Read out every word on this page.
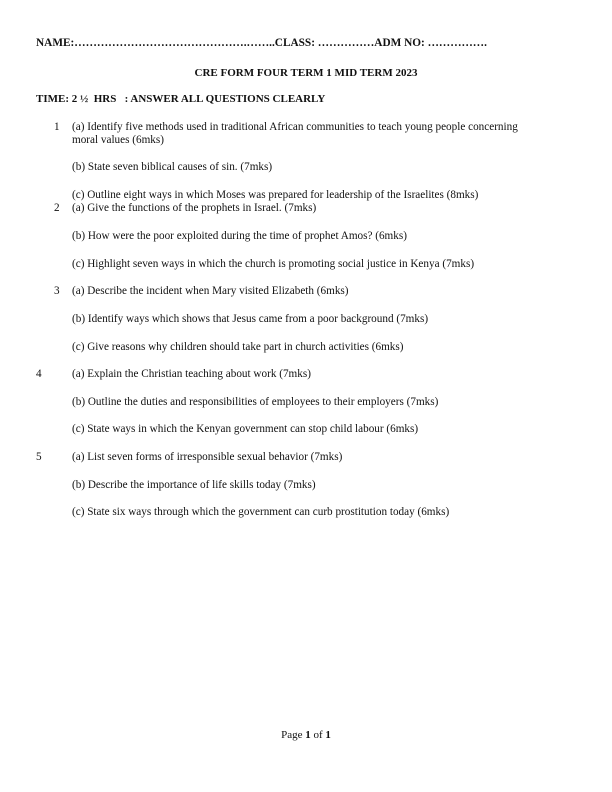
NAME:……………………………………….……..CLASS: ……………ADM NO: …………….
CRE FORM FOUR TERM 1 MID TERM 2023
TIME: 2 ½  HRS   : ANSWER ALL QUESTIONS CLEARLY
1 (a) Identify five methods used in traditional African communities to teach young people concerning
moral values (6mks)
(b) State seven biblical causes of sin. (7mks)
(c) Outline eight ways in which Moses was prepared for leadership of the Israelites (8mks)
2 (a) Give the functions of the prophets in Israel. (7mks)
(b) How were the poor exploited during the time of prophet Amos? (6mks)
(c) Highlight seven ways in which the church is promoting social justice in Kenya (7mks)
3 (a) Describe the incident when Mary visited Elizabeth (6mks)
(b) Identify ways which shows that Jesus came from a poor background (7mks)
(c) Give reasons why children should take part in church activities (6mks)
4	(a) Explain the Christian teaching about work (7mks)
(b) Outline the duties and responsibilities of employees to their employers (7mks)
(c) State ways in which the Kenyan government can stop child labour (6mks)
5	(a) List seven forms of irresponsible sexual behavior (7mks)
(b) Describe the importance of life skills today (7mks)
(c) State six ways through which the government can curb prostitution today (6mks)
Page 1 of 1
